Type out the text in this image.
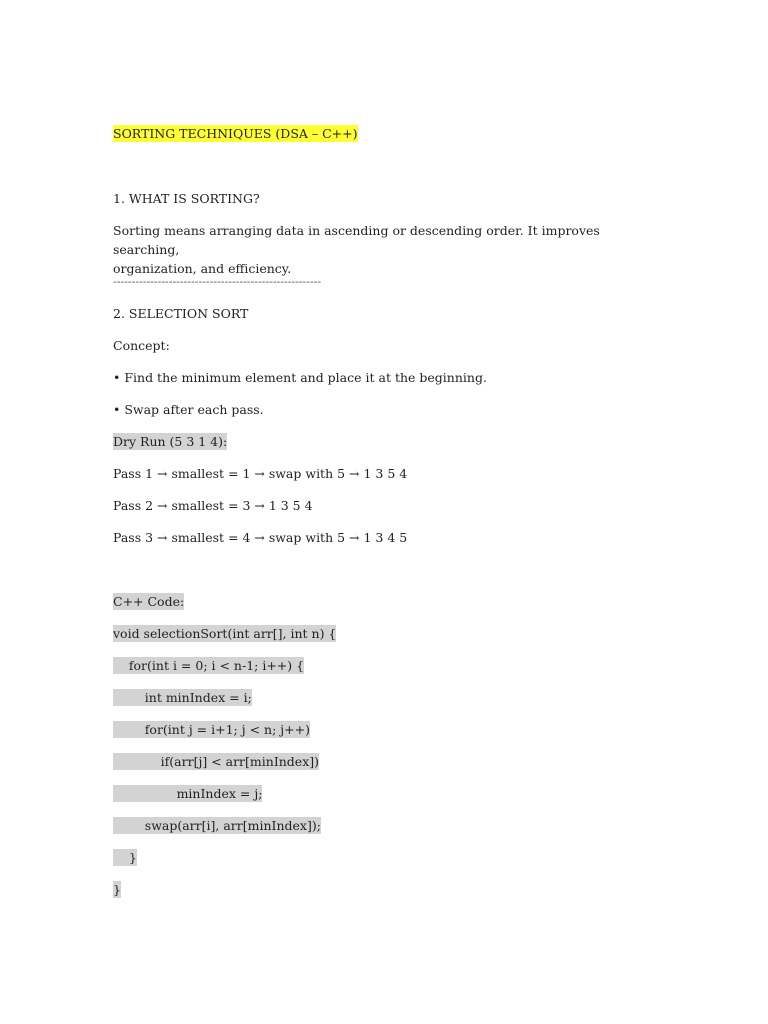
SORTING TECHNIQUES (DSA – C++)
1. WHAT IS SORTING?

Sorting means arranging data in ascending or descending order. It improves searching,

organization, and efficiency.

--------------------------------------------------------
2. SELECTION SORT
Concept:
• Find the minimum element and place it at the beginning.
• Swap after each pass.
Dry Run (5 3 1 4):
Pass 1 → smallest = 1 → swap with 5 → 1 3 5 4
Pass 2 → smallest = 3 → 1 3 5 4
Pass 3 → smallest = 4 → swap with 5 → 1 3 4 5
C++ Code:
void selectionSort(int arr[], int n) {
for(int i = 0; i < n-1; i++) {
int minIndex = i;
for(int j = i+1; j < n; j++)
if(arr[j] < arr[minIndex])
minIndex = j;
swap(arr[i], arr[minIndex]);
}
}
